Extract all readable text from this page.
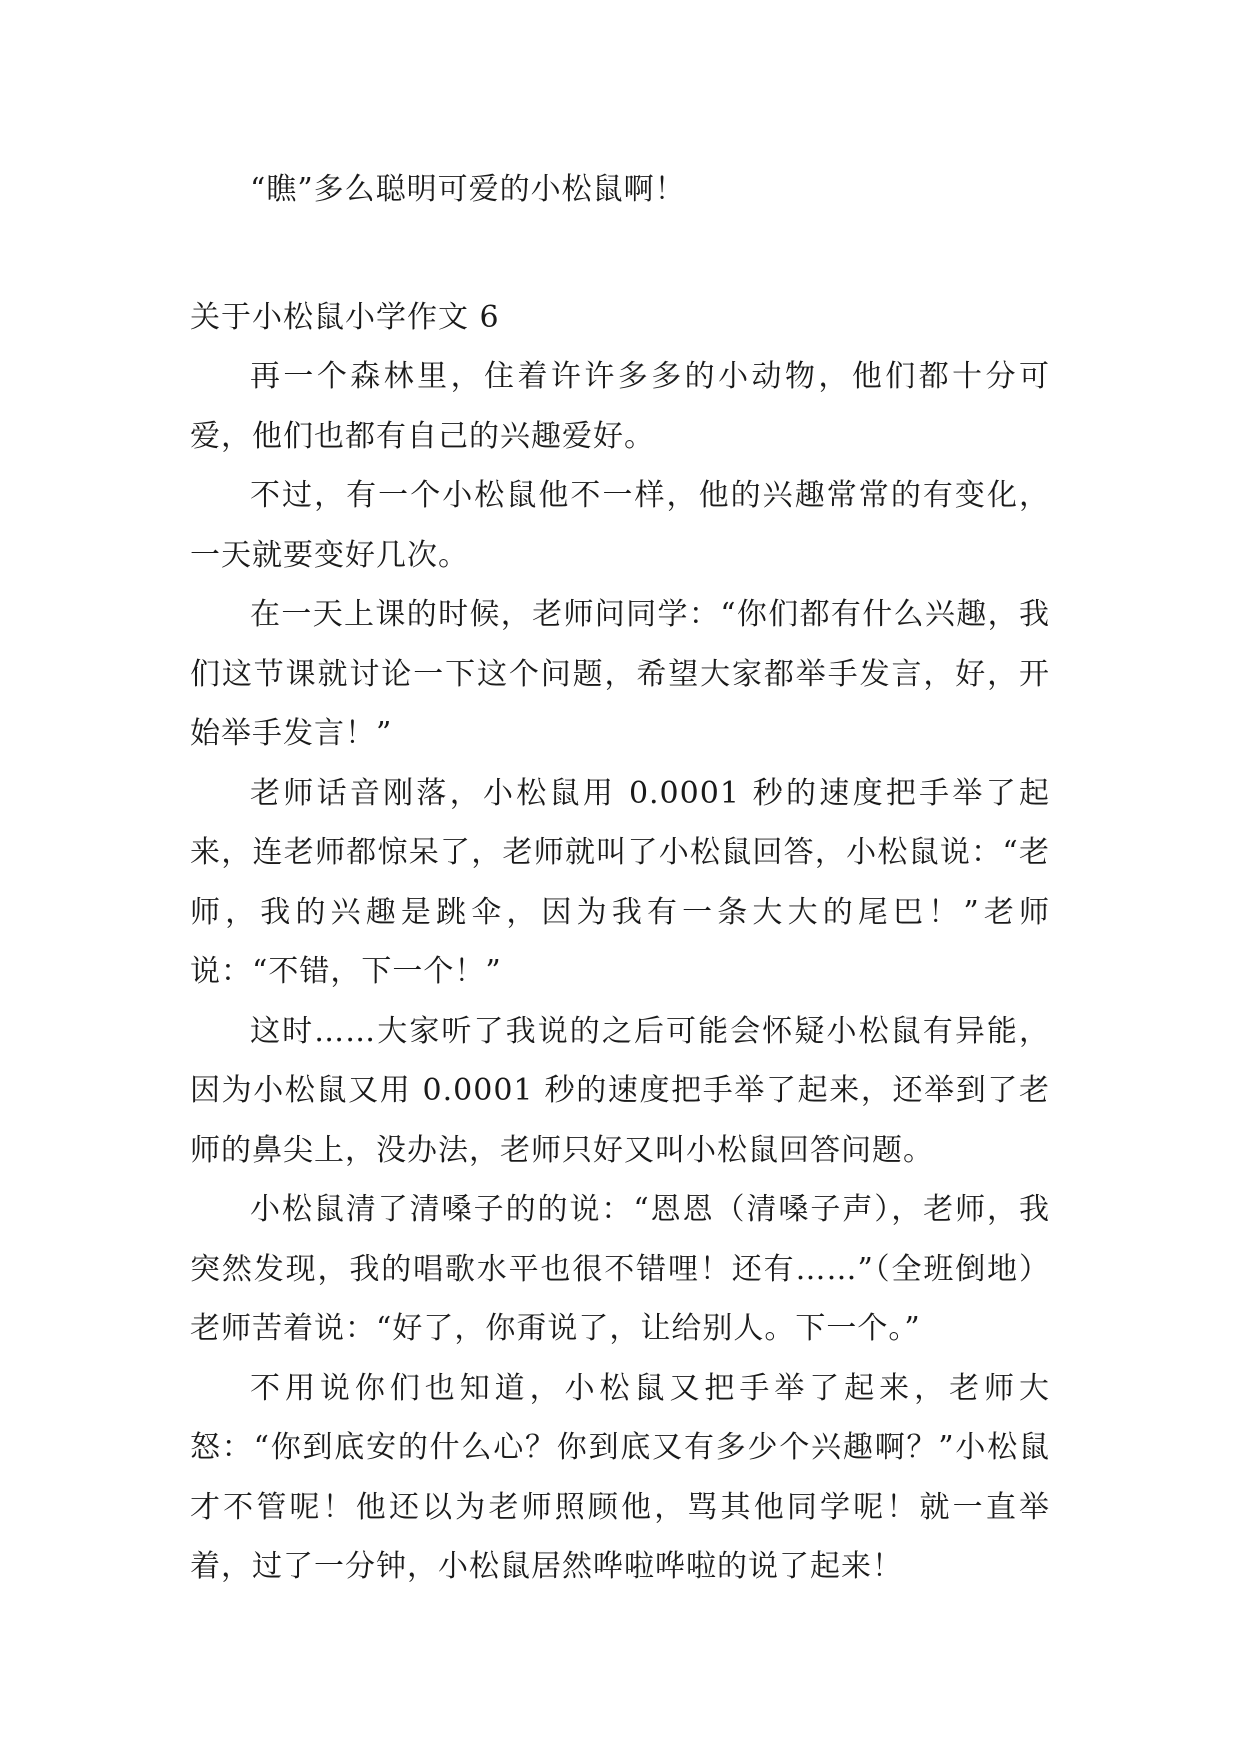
“瞧”多么聪明可爱的小松鼠啊！

关于小松鼠小学作文 6

再一个森林里，住着许许多多的小动物，他们都十分可爱，他们也都有自己的兴趣爱好。

不过，有一个小松鼠他不一样，他的兴趣常常的有变化，一天就要变好几次。

在一天上课的时候，老师问同学：“你们都有什么兴趣，我们这节课就讨论一下这个问题，希望大家都举手发言，好，开始举手发言！”

老师话音刚落，小松鼠用 0.0001 秒的速度把手举了起来，连老师都惊呆了，老师就叫了小松鼠回答，小松鼠说：“老师，我的兴趣是跳伞，因为我有一条大大的尾巴！”老师说：“不错，下一个！”

这时……大家听了我说的之后可能会怀疑小松鼠有异能，因为小松鼠又用 0.0001 秒的速度把手举了起来，还举到了老师的鼻尖上，没办法，老师只好又叫小松鼠回答问题。

小松鼠清了清嗓子的的说：“恩恩（清嗓子声），老师，我突然发现，我的唱歌水平也很不错哩！还有……”（全班倒地）老师苦着说：“好了，你甭说了，让给别人。下一个。”

不用说你们也知道，小松鼠又把手举了起来，老师大怒：“你到底安的什么心？你到底又有多少个兴趣啊？”小松鼠才不管呢！他还以为老师照顾他，骂其他同学呢！就一直举着，过了一分钟，小松鼠居然哗啦哗啦的说了起来！
